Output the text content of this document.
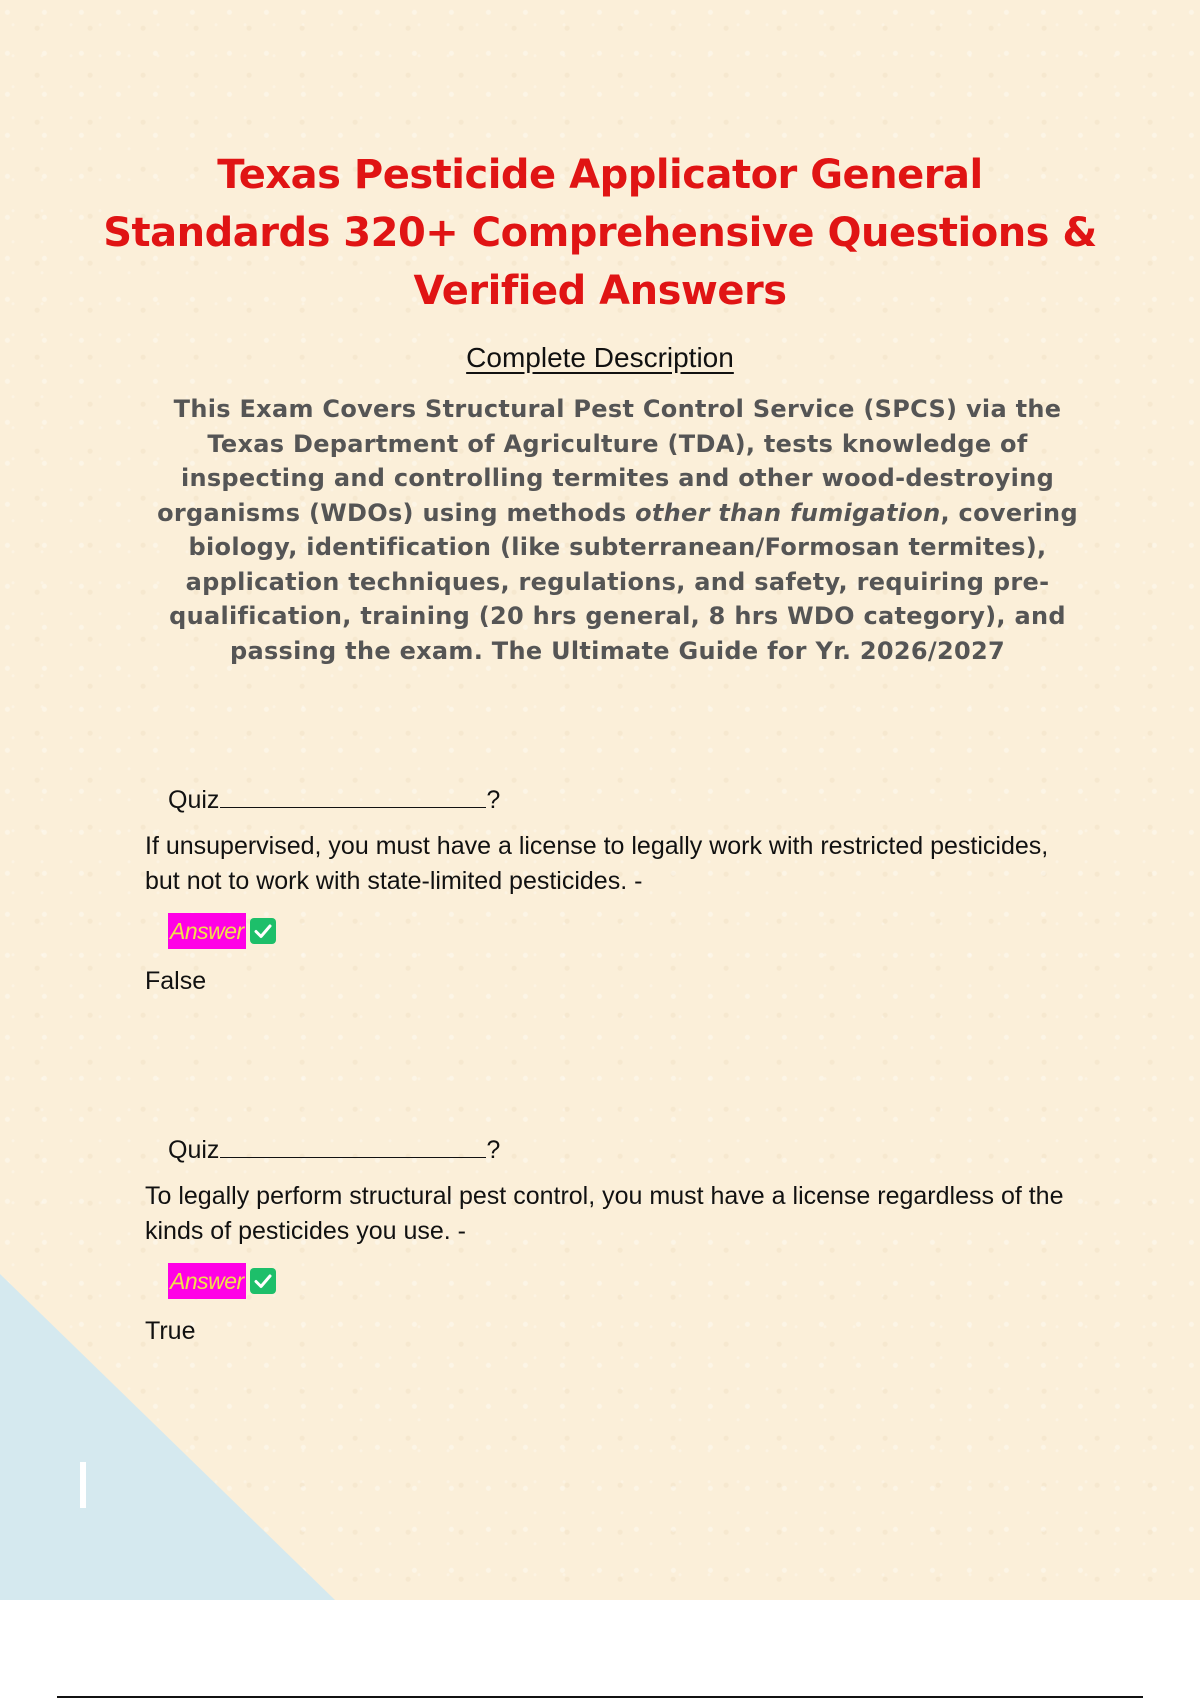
Texas Pesticide Applicator General Standards 320+ Comprehensive Questions & Verified Answers
Complete Description

This Exam Covers Structural Pest Control Service (SPCS) via the Texas Department of Agriculture (TDA), tests knowledge of inspecting and controlling termites and other wood-destroying organisms (WDOs) using methods other than fumigation, covering biology, identification (like subterranean/Formosan termites), application techniques, regulations, and safety, requiring pre-qualification, training (20 hrs general, 8 hrs WDO category), and passing the exam. The Ultimate Guide for Yr. 2026/2027

Quiz	?

If unsupervised, you must have a license to legally work with restricted pesticides, but not to work with state-limited pesticides. -

Answer
False
Quiz	?

To legally perform structural pest control, you must have a license regardless of the kinds of pesticides you use. -

Answer
True
